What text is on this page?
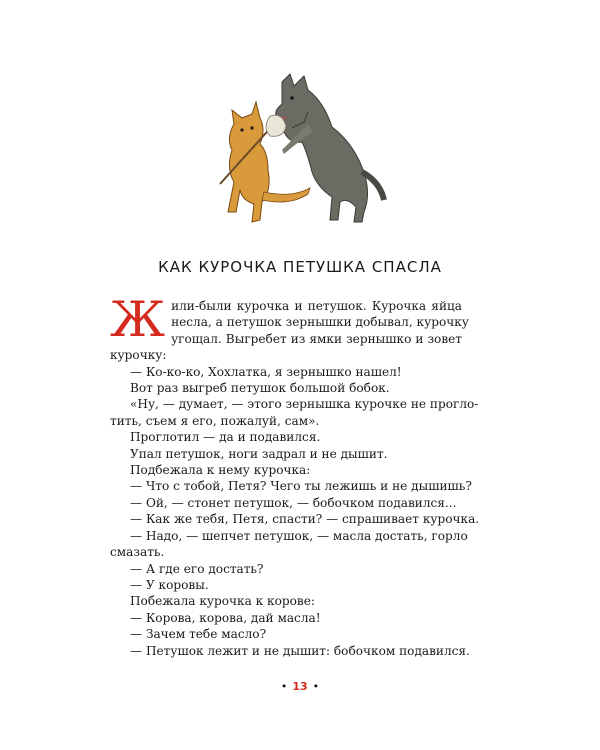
КАК КУРОЧКА ПЕТУШКА СПАСЛА
Ж или-были курочка и петушок. Курочка яйца
несла, а петушок зернышки добывал, курочку
угощал. Выгребет из ямки зернышко и зовет
курочку:
— Ко-ко-ко, Хохлатка, я зернышко нашел!
Вот раз выгреб петушок большой бобок.
«Ну, — думает, — этого зернышка курочке не прогло-
тить, съем я его, пожалуй, сам».
Проглотил — да и подавился.
Упал петушок, ноги задрал и не дышит.
Подбежала к нему курочка:
— Что с тобой, Петя? Чего ты лежишь и не дышишь?
— Ой, — стонет петушок, — бобочком подавился...
— Как же тебя, Петя, спасти? — спрашивает курочка.
— Надо, — шепчет петушок, — масла достать, горло
смазать.
— А где его достать?
— У коровы.
Побежала курочка к корове:
— Корова, корова, дай масла!
— Зачем тебе масло?
— Петушок лежит и не дышит: бобочком подавился.
• 13 •
